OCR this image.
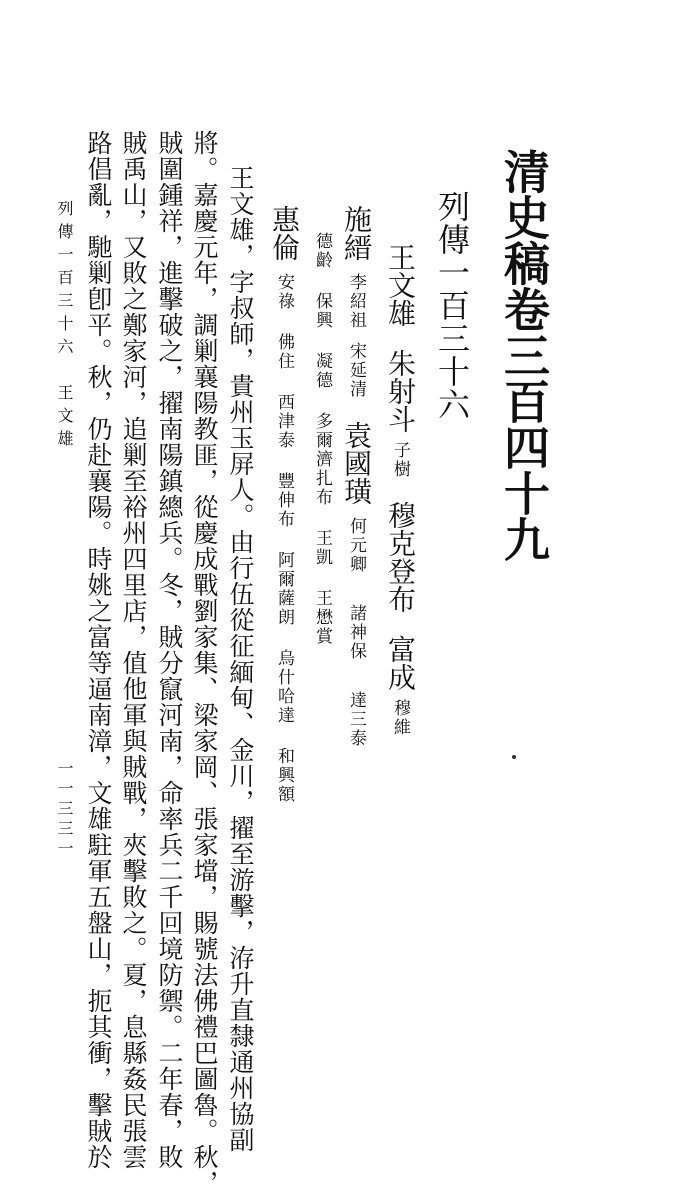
清史稿卷三百四十九
列傳一百三十六
王文雄朱射斗子樹穆克登布富成穆維
施縉李紹祖宋延清袁國璜何元卿諸神保達三泰
德齡保興凝德多爾濟扎布王凱王懋賞
惠倫安祿佛住西津泰豐伸布阿爾薩朗烏什哈達和興額
王文雄，字叔師，貴州玉屏人。由行伍從征緬甸、金川，擢至游擊，洊升直隸通州協副
將。嘉慶元年，調剿襄陽教匪，從慶成戰劉家集、梁家岡、張家壋，賜號法佛禮巴圖魯。秋，
賊圍鍾祥，進擊破之，擢南陽鎮總兵。冬，賊分竄河南，命率兵二千回境防禦。二年春，敗
賊禹山，又敗之鄭家河，追剿至裕州四里店，值他軍與賊戰，夾擊敗之。夏，息縣姦民張雲
路倡亂，馳剿卽平。秋，仍赴襄陽。時姚之富等逼南漳，文雄駐軍五盤山，扼其衝，擊賊於
列傳一百三十六　王文雄
一一三三一
